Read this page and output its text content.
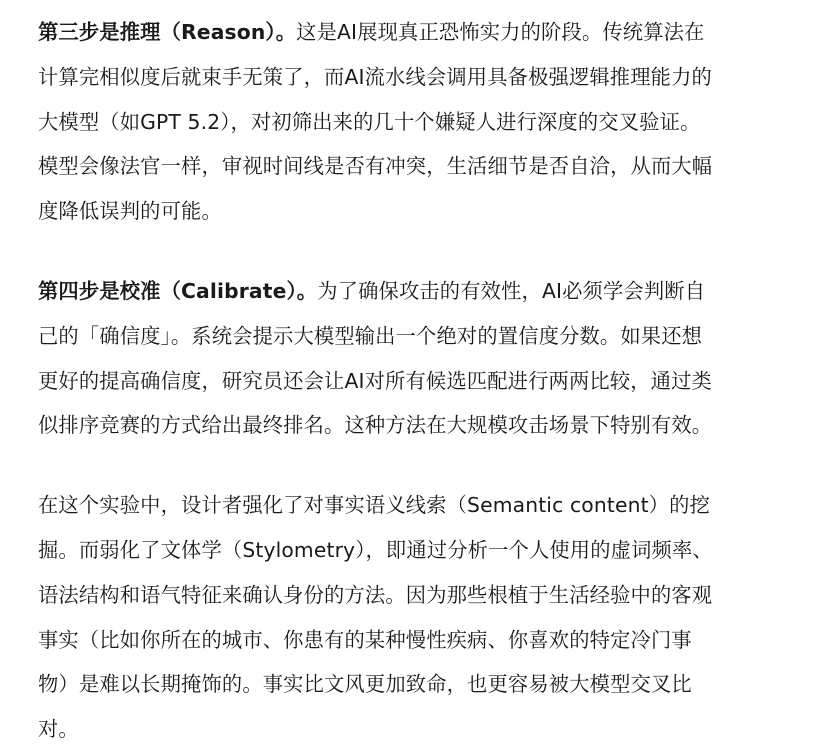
第三步是推理（Reason）。这是AI展现真正恐怖实力的阶段。传统算法在
计算完相似度后就束手无策了，而AI流水线会调用具备极强逻辑推理能力的
大模型（如GPT 5.2），对初筛出来的几十个嫌疑人进行深度的交叉验证。
模型会像法官一样，审视时间线是否有冲突，生活细节是否自洽，从而大幅
度降低误判的可能。

第四步是校准（Calibrate）。为了确保攻击的有效性，AI必须学会判断自
己的「确信度」。系统会提示大模型输出一个绝对的置信度分数。如果还想
更好的提高确信度，研究员还会让AI对所有候选匹配进行两两比较，通过类
似排序竞赛的方式给出最终排名。这种方法在大规模攻击场景下特别有效。

在这个实验中，设计者强化了对事实语义线索（Semantic content）的挖
掘。而弱化了文体学（Stylometry），即通过分析一个人使用的虚词频率、
语法结构和语气特征来确认身份的方法。因为那些根植于生活经验中的客观
事实（比如你所在的城市、你患有的某种慢性疾病、你喜欢的特定冷门事
物）是难以长期掩饰的。事实比文风更加致命，也更容易被大模型交叉比
对。
